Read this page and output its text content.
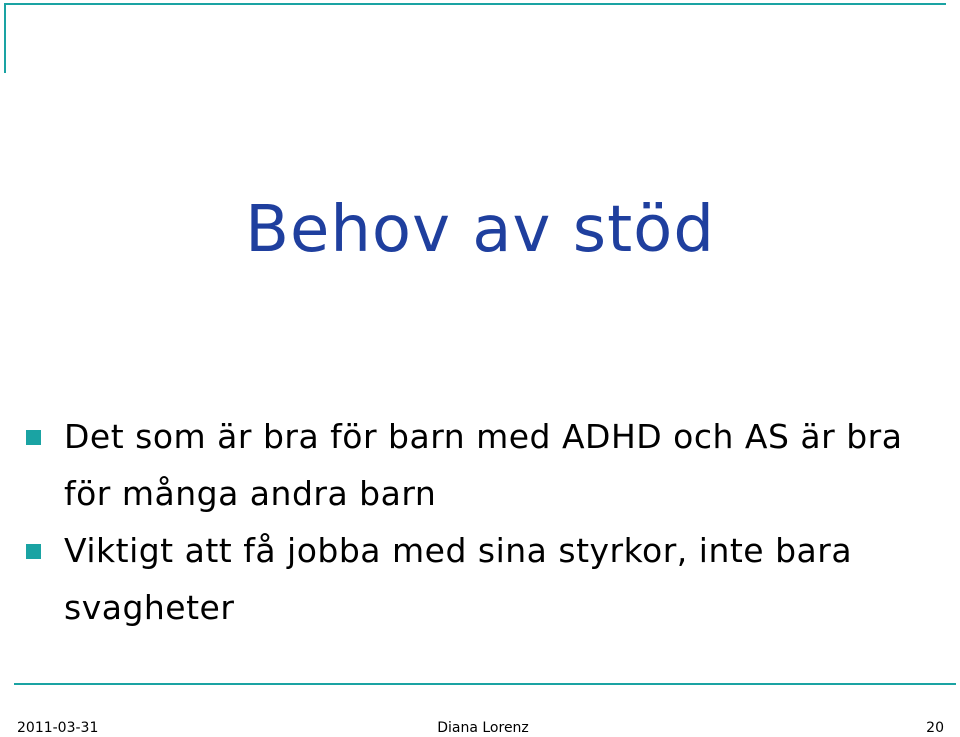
Behov av stöd
Det som är bra för barn med ADHD och AS är bra för många andra barn
Viktigt att få jobba med sina styrkor, inte bara svagheter
2011-03-31	Diana Lorenz	20
